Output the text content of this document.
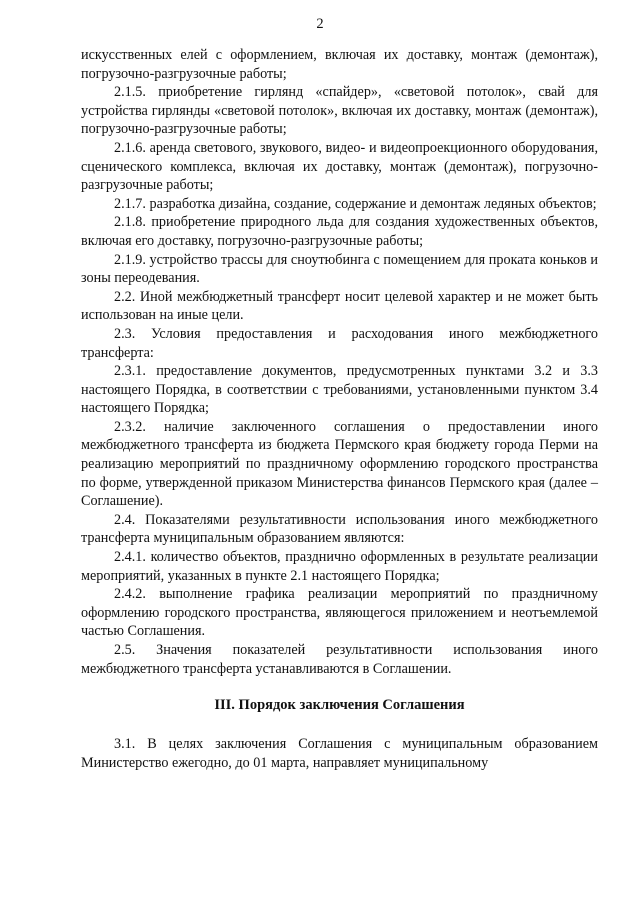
2

искусственных елей с оформлением, включая их доставку, монтаж (демонтаж), погрузочно-разгрузочные работы;

2.1.5. приобретение гирлянд «спайдер», «световой потолок», свай для устройства гирлянды «световой потолок», включая их доставку, монтаж (демонтаж), погрузочно-разгрузочные работы;

2.1.6. аренда светового, звукового, видео- и видеопроекционного оборудования, сценического комплекса, включая их доставку, монтаж (демонтаж), погрузочно-разгрузочные работы;

2.1.7. разработка дизайна, создание, содержание и демонтаж ледяных объектов;

2.1.8. приобретение природного льда для создания художественных объектов, включая его доставку, погрузочно-разгрузочные работы;

2.1.9. устройство трассы для сноутюбинга с помещением для проката коньков и зоны переодевания.

2.2. Иной межбюджетный трансферт носит целевой характер и не может быть использован на иные цели.

2.3. Условия предоставления и расходования иного межбюджетного трансферта:

2.3.1. предоставление документов, предусмотренных пунктами 3.2 и 3.3 настоящего Порядка, в соответствии с требованиями, установленными пунктом 3.4 настоящего Порядка;

2.3.2. наличие заключенного соглашения о предоставлении иного межбюджетного трансферта из бюджета Пермского края бюджету города Перми на реализацию мероприятий по праздничному оформлению городского пространства по форме, утвержденной приказом Министерства финансов Пермского края (далее – Соглашение).

2.4. Показателями результативности использования иного межбюджетного трансферта муниципальным образованием являются:

2.4.1. количество объектов, празднично оформленных в результате реализации мероприятий, указанных в пункте 2.1 настоящего Порядка;

2.4.2. выполнение графика реализации мероприятий по праздничному оформлению городского пространства, являющегося приложением и неотъемлемой частью Соглашения.

2.5. Значения показателей результативности использования иного межбюджетного трансферта устанавливаются в Соглашении.

III. Порядок заключения Соглашения

3.1. В целях заключения Соглашения с муниципальным образованием Министерство ежегодно, до 01 марта, направляет муниципальному
